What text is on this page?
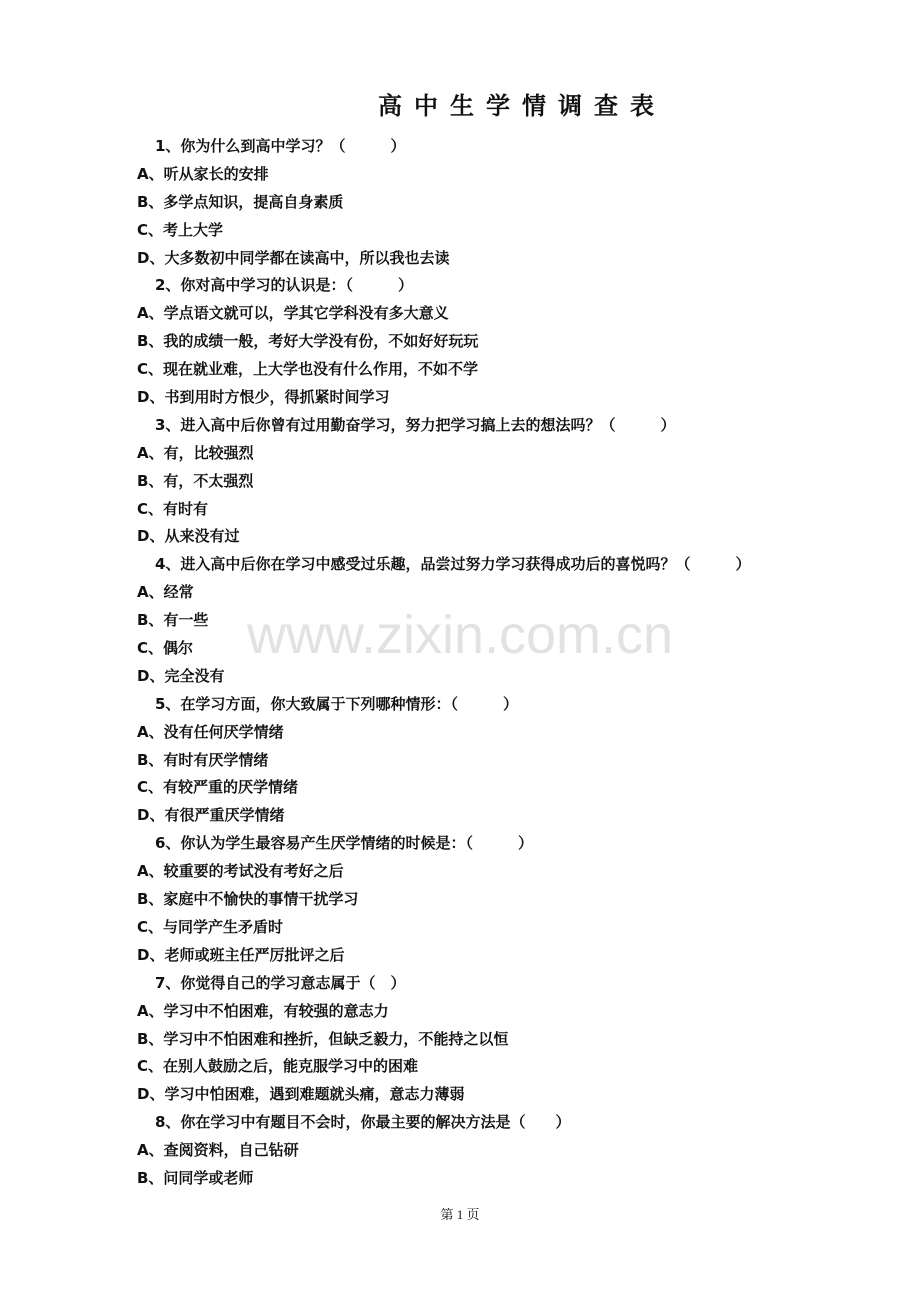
高中生学情调查表
1、你为什么到高中学习？（　　　）
A、听从家长的安排
B、多学点知识，提高自身素质
C、考上大学
D、大多数初中同学都在读高中，所以我也去读
2、你对高中学习的认识是：（　　　）
A、学点语文就可以，学其它学科没有多大意义
B、我的成绩一般，考好大学没有份，不如好好玩玩
C、现在就业难，上大学也没有什么作用，不如不学
D、书到用时方恨少，得抓紧时间学习
3、进入高中后你曾有过用勤奋学习，努力把学习搞上去的想法吗？（　　　）
A、有，比较强烈
B、有，不太强烈
C、有时有
D、从来没有过
4、进入高中后你在学习中感受过乐趣，品尝过努力学习获得成功后的喜悦吗？（　　　）
A、经常
B、有一些
C、偶尔
D、完全没有
5、在学习方面，你大致属于下列哪种情形：（　　　）
A、没有任何厌学情绪
B、有时有厌学情绪
C、有较严重的厌学情绪
D、有很严重厌学情绪
6、你认为学生最容易产生厌学情绪的时候是：（　　　）
A、较重要的考试没有考好之后
B、家庭中不愉快的事情干扰学习
C、与同学产生矛盾时
D、老师或班主任严厉批评之后
7、你觉得自己的学习意志属于（　）
A、学习中不怕困难，有较强的意志力
B、学习中不怕困难和挫折，但缺乏毅力，不能持之以恒
C、在别人鼓励之后，能克服学习中的困难
D、学习中怕困难，遇到难题就头痛，意志力薄弱
8、你在学习中有题目不会时，你最主要的解决方法是（　　）
A、查阅资料，自己钻研
B、问同学或老师
www.zixin.com.cn
第 1 页
